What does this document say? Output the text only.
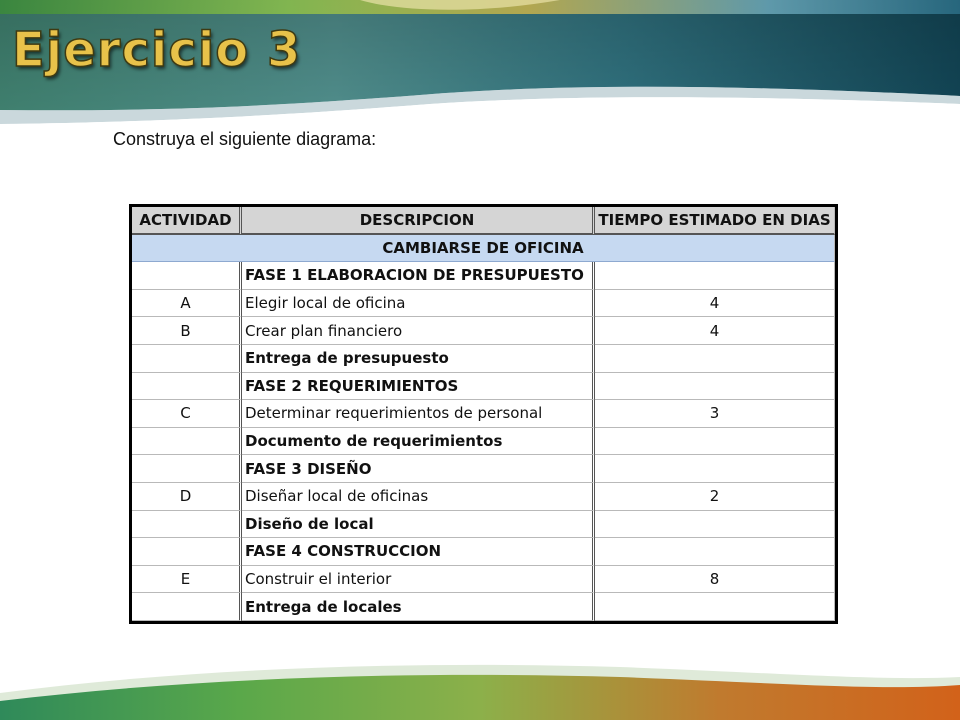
Ejercicio 3
Construya el siguiente diagrama:
ACTIVIDAD	DESCRIPCION	TIEMPO ESTIMADO EN DIAS
CAMBIARSE DE OFICINA		
	FASE 1 ELABORACION DE PRESUPUESTO	
A	Elegir local de oficina	4
B	Crear plan financiero	4
	Entrega de presupuesto	
	FASE 2 REQUERIMIENTOS	
C	Determinar requerimientos de personal	3
	Documento de requerimientos	
	FASE 3 DISEÑO	
D	Diseñar local de oficinas	2
	Diseño de local	
	FASE 4 CONSTRUCCION	
E	Construir el interior	8
	Entrega de locales	
